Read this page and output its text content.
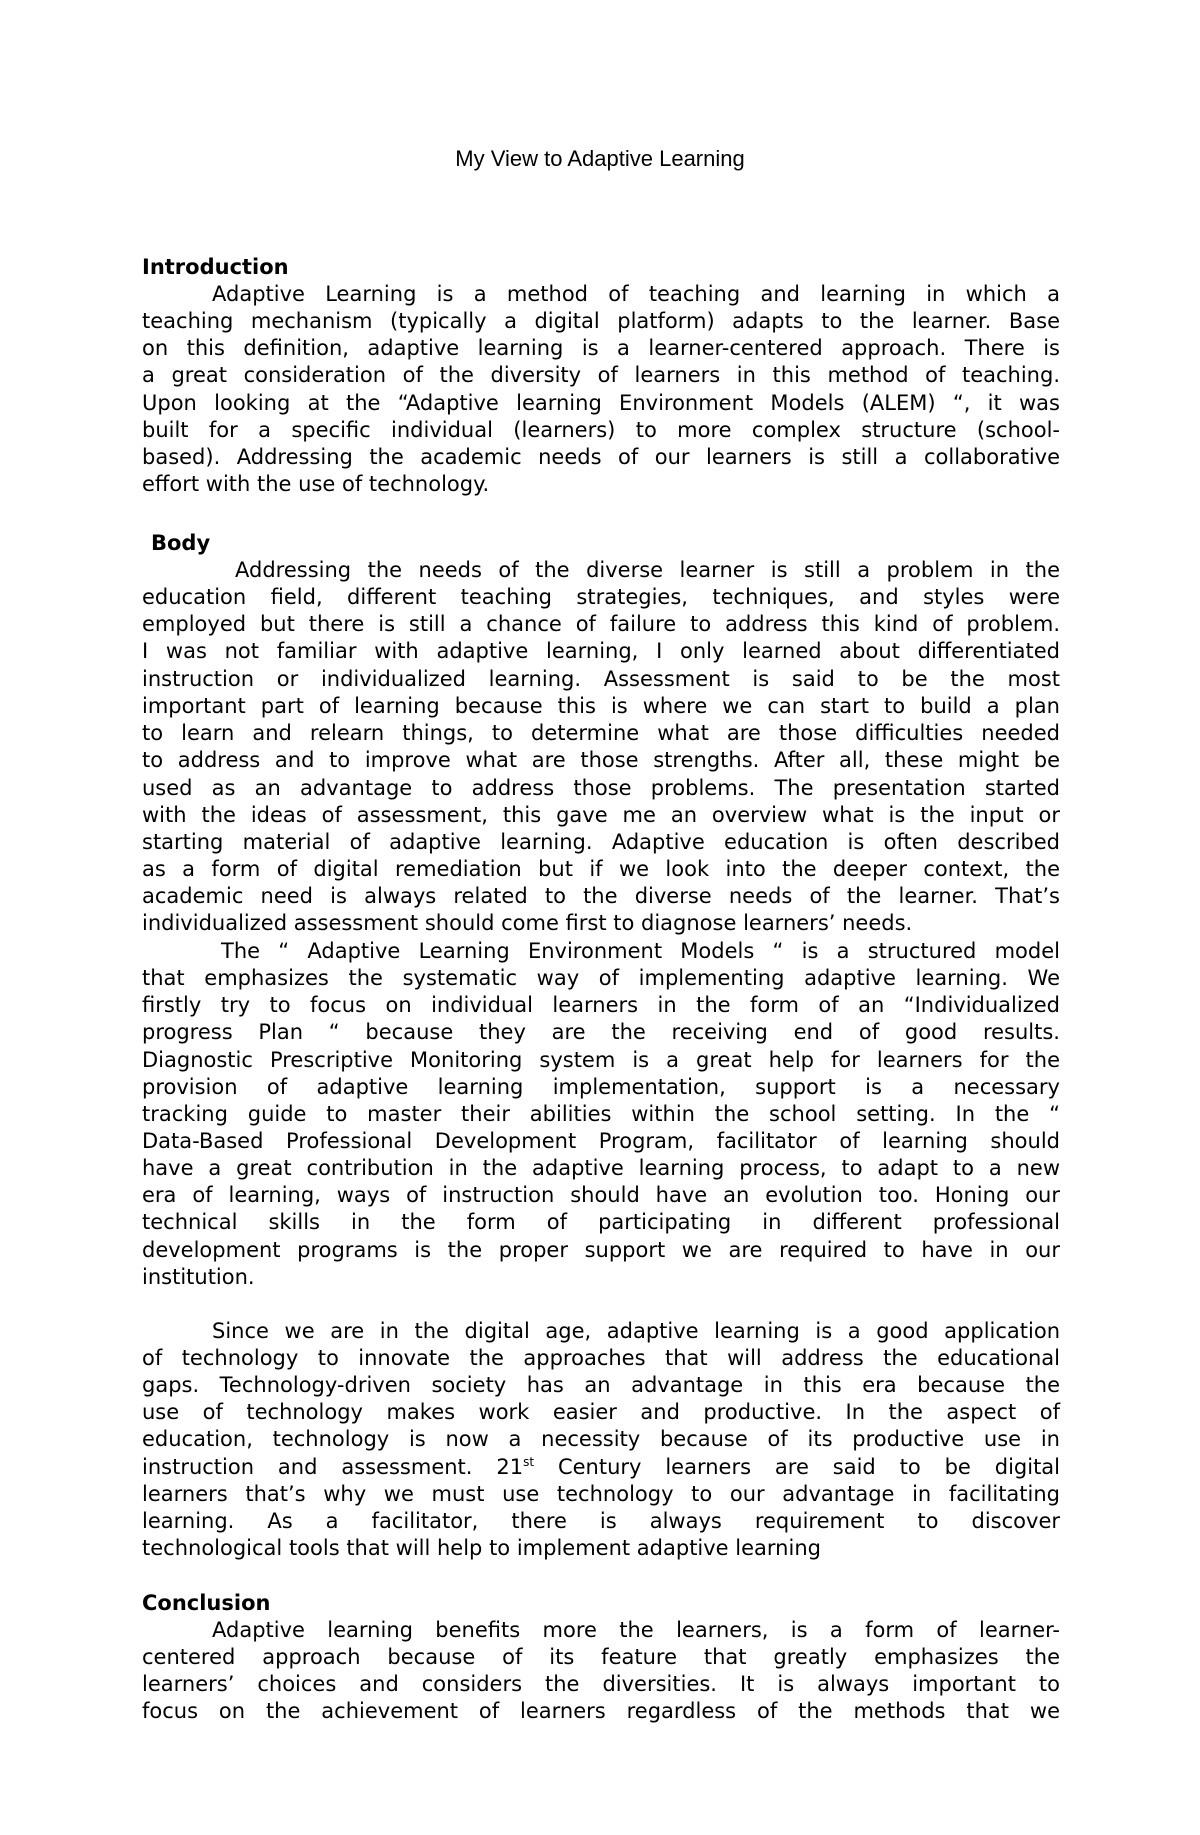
My View to Adaptive Learning
Introduction
Adaptive Learning is a method of teaching and learning in which a
teaching mechanism (typically a digital platform) adapts to the learner. Base
on this definition, adaptive learning is a learner-centered approach. There is
a great consideration of the diversity of learners in this method of teaching.
Upon looking at the “Adaptive learning Environment Models (ALEM) “, it was
built for a specific individual (learners) to more complex structure (school-
based). Addressing the academic needs of our learners is still a collaborative
effort with the use of technology.
Body
Addressing the needs of the diverse learner is still a problem in the
education field, different teaching strategies, techniques, and styles were
employed but there is still a chance of failure to address this kind of problem.
I was not familiar with adaptive learning, I only learned about differentiated
instruction or individualized learning. Assessment is said to be the most
important part of learning because this is where we can start to build a plan
to learn and relearn things, to determine what are those difficulties needed
to address and to improve what are those strengths. After all, these might be
used as an advantage to address those problems. The presentation started
with the ideas of assessment, this gave me an overview what is the input or
starting material of adaptive learning. Adaptive education is often described
as a form of digital remediation but if we look into the deeper context, the
academic need is always related to the diverse needs of the learner. That’s
individualized assessment should come first to diagnose learners’ needs.
The “ Adaptive Learning Environment Models “ is a structured model
that emphasizes the systematic way of implementing adaptive learning. We
firstly try to focus on individual learners in the form of an “Individualized
progress Plan “ because they are the receiving end of good results.
Diagnostic Prescriptive Monitoring system is a great help for learners for the
provision of adaptive learning implementation, support is a necessary
tracking guide to master their abilities within the school setting. In the “
Data-Based Professional Development Program, facilitator of learning should
have a great contribution in the adaptive learning process, to adapt to a new
era of learning, ways of instruction should have an evolution too. Honing our
technical skills in the form of participating in different professional
development programs is the proper support we are required to have in our
institution.
Since we are in the digital age, adaptive learning is a good application
of technology to innovate the approaches that will address the educational
gaps. Technology-driven society has an advantage in this era because the
use of technology makes work easier and productive. In the aspect of
education, technology is now a necessity because of its productive use in
instruction and assessment. 21st Century learners are said to be digital
learners that’s why we must use technology to our advantage in facilitating
learning. As a facilitator, there is always requirement to discover
technological tools that will help to implement adaptive learning
Conclusion
Adaptive learning benefits more the learners, is a form of learner-
centered approach because of its feature that greatly emphasizes the
learners’ choices and considers the diversities. It is always important to
focus on the achievement of learners regardless of the methods that we
